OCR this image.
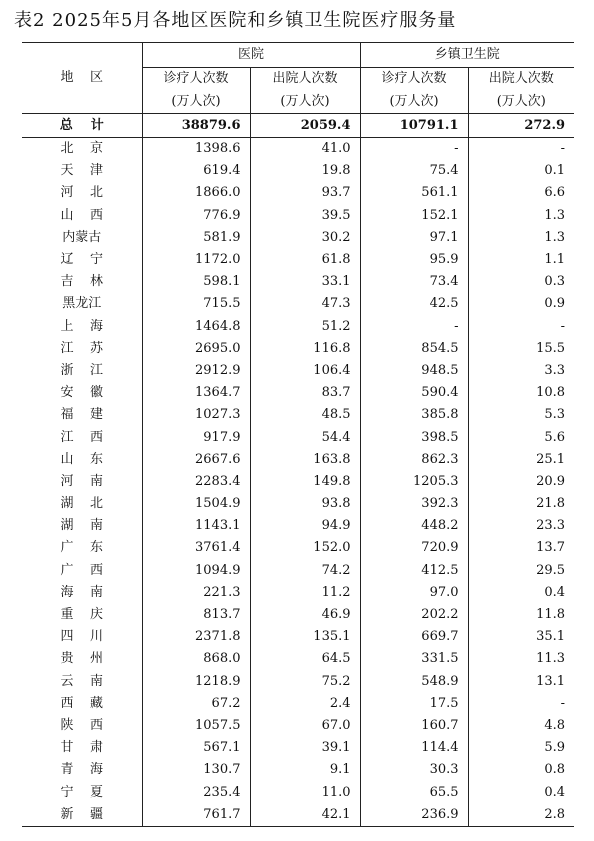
表2 2025年5月各地区医院和乡镇卫生院医疗服务量
地    区	医院		乡镇卫生院	
	诊疗人次数	出院人次数	诊疗人次数	出院人次数
	(万人次)	(万人次)	(万人次)	(万人次)
总    计	38879.6	2059.4	10791.1	272.9
北    京	1398.6	41.0	-	-
天    津	619.4	19.8	75.4	0.1
河    北	1866.0	93.7	561.1	6.6
山    西	776.9	39.5	152.1	1.3
内蒙古	581.9	30.2	97.1	1.3
辽    宁	1172.0	61.8	95.9	1.1
吉    林	598.1	33.1	73.4	0.3
黑龙江	715.5	47.3	42.5	0.9
上    海	1464.8	51.2	-	-
江    苏	2695.0	116.8	854.5	15.5
浙    江	2912.9	106.4	948.5	3.3
安    徽	1364.7	83.7	590.4	10.8
福    建	1027.3	48.5	385.8	5.3
江    西	917.9	54.4	398.5	5.6
山    东	2667.6	163.8	862.3	25.1
河    南	2283.4	149.8	1205.3	20.9
湖    北	1504.9	93.8	392.3	21.8
湖    南	1143.1	94.9	448.2	23.3
广    东	3761.4	152.0	720.9	13.7
广    西	1094.9	74.2	412.5	29.5
海    南	221.3	11.2	97.0	0.4
重    庆	813.7	46.9	202.2	11.8
四    川	2371.8	135.1	669.7	35.1
贵    州	868.0	64.5	331.5	11.3
云    南	1218.9	75.2	548.9	13.1
西    藏	67.2	2.4	17.5	-
陕    西	1057.5	67.0	160.7	4.8
甘    肃	567.1	39.1	114.4	5.9
青    海	130.7	9.1	30.3	0.8
宁    夏	235.4	11.0	65.5	0.4
新    疆	761.7	42.1	236.9	2.8
